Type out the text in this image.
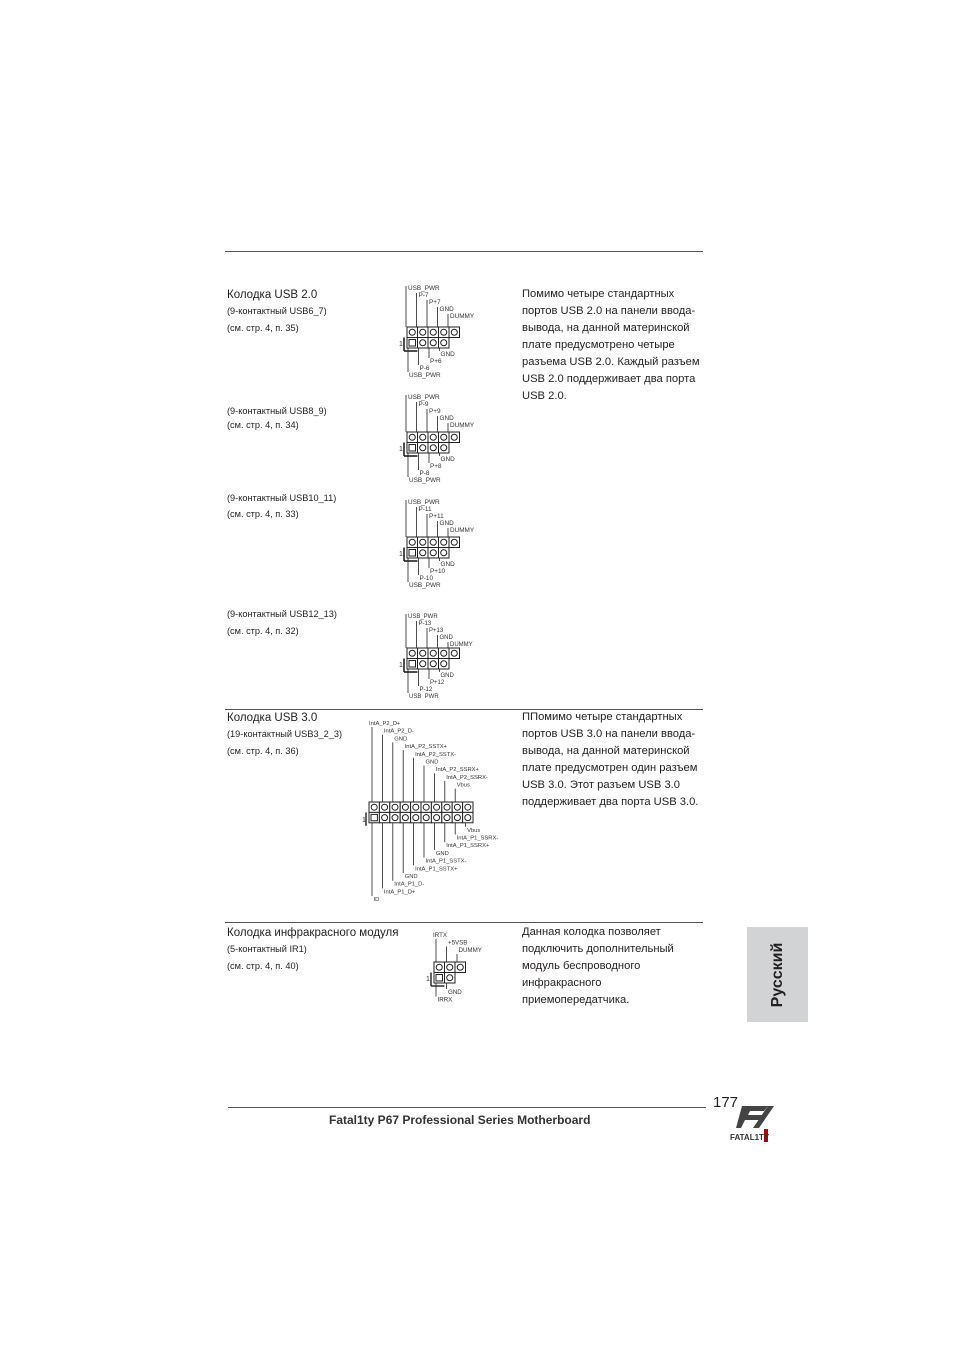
Колодка USB 2.0
(9-контактный USB6_7)
(см. стр. 4, п. 35)
(9-контактный USB8_9)
(см. стр. 4, п. 34)
(9-контактный USB10_11)
(см. стр. 4, п. 33)
(9-контактный USB12_13)
(см. стр. 4, п. 32)
Помимо четыре стандартных
портов USB 2.0 на панели ввода-
вывода, на данной материнской
плате предусмотрено четыре
разъема USB 2.0. Каждый разъем
USB 2.0 поддерживает два порта
USB 2.0.
1
USB_PWR
P-7
P+7
GND
DUMMY
GND
P+6
P-6
USB_PWR
1
USB_PWR
P-9
P+9
GND
DUMMY
GND
P+8
P-8
USB_PWR
1
USB_PWR
P-11
P+11
GND
DUMMY
GND
P+10
P-10
USB_PWR
1
USB_PWR
P-13
P+13
GND
DUMMY
GND
P+12
P-12
USB_PWR
Колодка USB 3.0
(19-контактный USB3_2_3)
(см. стр. 4, п. 36)
ППомимо четыре стандартных
портов USB 3.0 на панели ввода-
вывода, на данной материнской
плате предусмотрен один разъем
USB 3.0. Этот разъем USB 3.0
поддерживает два порта USB 3.0.
1
IntA_P2_D+
IntA_P2_D-
GND
IntA_P2_SSTX+
IntA_P2_SSTX-
GND
IntA_P2_SSRX+
IntA_P2_SSRX-
Vbus
Vbus
IntA_P1_SSRX-
IntA_P1_SSRX+
GND
IntA_P1_SSTX-
IntA_P1_SSTX+
GND
IntA_P1_D-
IntA_P1_D+
ID
Колодка инфракрасного модуля
(5-контактный IR1)
(см. стр. 4, п. 40)
Данная колодка позволяет
подключить дополнительный
модуль беспроводного
инфракрасного
приемопередатчика.
1
IRTX
+5VSB
DUMMY
GND
IRRX	Русский
Fatal1ty P67 Professional Series Motherboard
177
FATAL1TY
